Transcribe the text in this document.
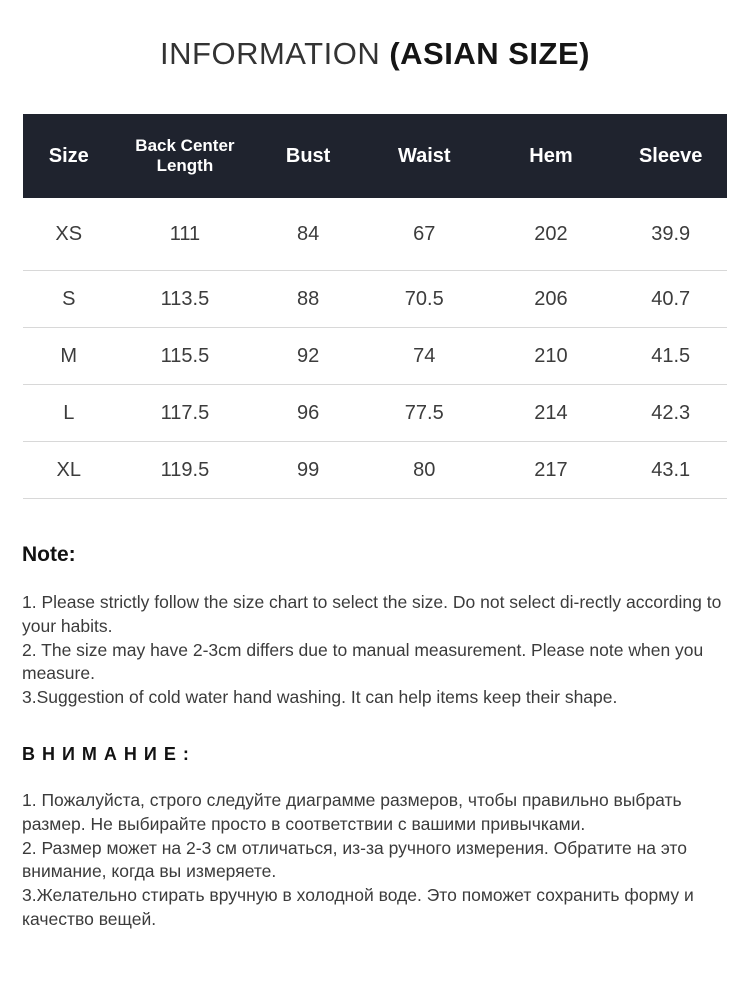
INFORMATION (ASIAN SIZE)
Size	Back Center Length	Bust	Waist	Hem	Sleeve
XS	111	84	67	202	39.9
S	113.5	88	70.5	206	40.7
M	115.5	92	74	210	41.5
L	117.5	96	77.5	214	42.3
XL	119.5	99	80	217	43.1
Note:

1. Please strictly follow the size chart to select the size. Do not select di-rectly according to your habits.

2. The size may have 2-3cm differs due to manual measurement. Please note when you measure.

3.Suggestion of cold water hand washing. It can help items keep their shape.

ВНИМАНИЕ:

1. Пожалуйста, строго следуйте диаграмме размеров, чтобы правильно выбрать размер. Не выбирайте просто в соответствии с вашими привычками.

2. Размер может на 2-3 см отличаться, из-за ручного измерения. Обратите на это внимание, когда вы измеряете.

3.Желательно стирать вручную в холодной воде. Это поможет сохранить форму и качество вещей.
